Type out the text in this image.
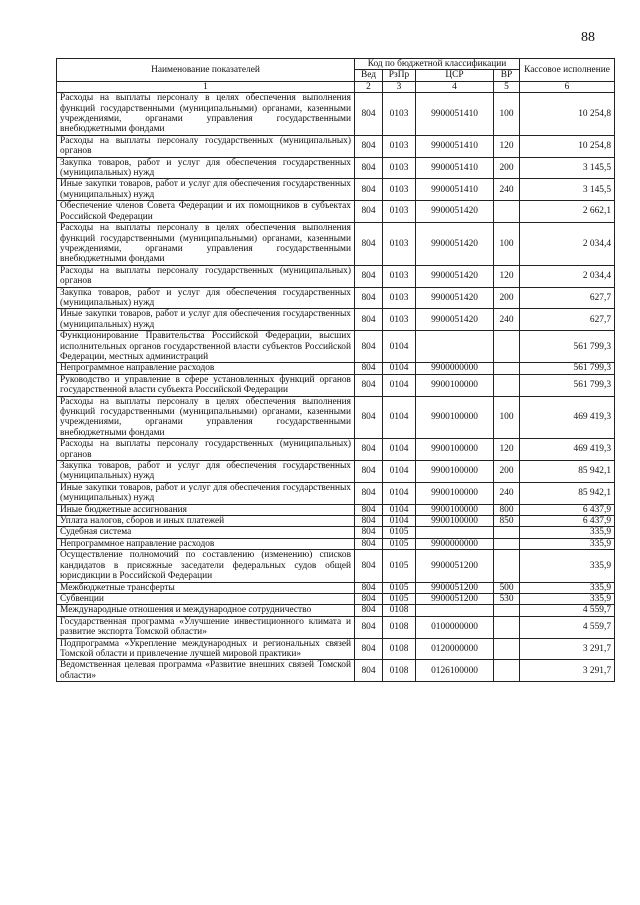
88
Наименование показателей	Код по бюджетной классификации				Кассовое исполнение
	Вед	РзПр	ЦСР	ВР	
1	2	3	4	5	6
Расходы на выплаты персоналу в целях обеспечения выполнения функций государственными (муниципальными) органами, казенными учреждениями, органами управления государственными внебюджетными фондами	804	0103	9900051410	100	10 254,8
Расходы на выплаты персоналу государственных (муниципальных) органов	804	0103	9900051410	120	10 254,8
Закупка товаров, работ и услуг для обеспечения государственных (муниципальных) нужд	804	0103	9900051410	200	3 145,5
Иные закупки товаров, работ и услуг для обеспечения государственных (муниципальных) нужд	804	0103	9900051410	240	3 145,5
Обеспечение членов Совета Федерации и их помощников в субъектах Российской Федерации	804	0103	9900051420		2 662,1
Расходы на выплаты персоналу в целях обеспечения выполнения функций государственными (муниципальными) органами, казенными учреждениями, органами управления государственными внебюджетными фондами	804	0103	9900051420	100	2 034,4
Расходы на выплаты персоналу государственных (муниципальных) органов	804	0103	9900051420	120	2 034,4
Закупка товаров, работ и услуг для обеспечения государственных (муниципальных) нужд	804	0103	9900051420	200	627,7
Иные закупки товаров, работ и услуг для обеспечения государственных (муниципальных) нужд	804	0103	9900051420	240	627,7
Функционирование Правительства Российской Федерации, высших исполнительных органов государственной власти субъектов Российской Федерации, местных администраций	804	0104			561 799,3
Непрограммное направление расходов	804	0104	9900000000		561 799,3
Руководство и управление в сфере установленных функций органов государственной власти субъекта Российской Федерации	804	0104	9900100000		561 799,3
Расходы на выплаты персоналу в целях обеспечения выполнения функций государственными (муниципальными) органами, казенными учреждениями, органами управления государственными внебюджетными фондами	804	0104	9900100000	100	469 419,3
Расходы на выплаты персоналу государственных (муниципальных) органов	804	0104	9900100000	120	469 419,3
Закупка товаров, работ и услуг для обеспечения государственных (муниципальных) нужд	804	0104	9900100000	200	85 942,1
Иные закупки товаров, работ и услуг для обеспечения государственных (муниципальных) нужд	804	0104	9900100000	240	85 942,1
Иные бюджетные ассигнования	804	0104	9900100000	800	6 437,9
Уплата налогов, сборов и иных платежей	804	0104	9900100000	850	6 437,9
Судебная система	804	0105			335,9
Непрограммное направление расходов	804	0105	9900000000		335,9
Осуществление полномочий по составлению (изменению) списков кандидатов в присяжные заседатели федеральных судов общей юрисдикции в Российской Федерации	804	0105	9900051200		335,9
Межбюджетные трансферты	804	0105	9900051200	500	335,9
Субвенции	804	0105	9900051200	530	335,9
Международные отношения и международное сотрудничество	804	0108			4 559,7
Государственная программа «Улучшение инвестиционного климата и развитие экспорта Томской области»	804	0108	0100000000		4 559,7
Подпрограмма «Укрепление международных и региональных связей Томской области и привлечение лучшей мировой практики»	804	0108	0120000000		3 291,7
Ведомственная целевая программа «Развитие внешних связей Томской области»	804	0108	0126100000		3 291,7
